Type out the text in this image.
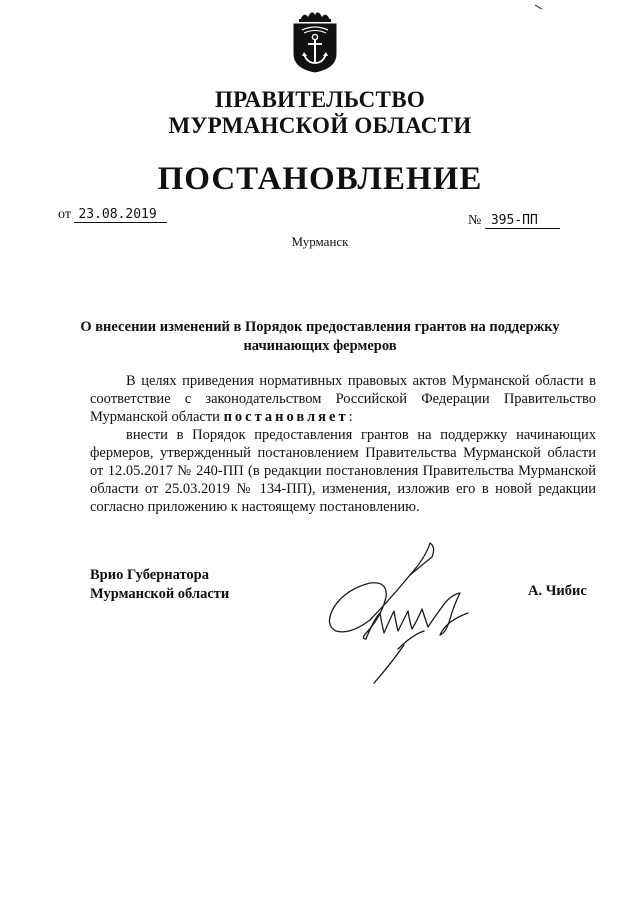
ПРАВИТЕЛЬСТВО
МУРМАНСКОЙ ОБЛАСТИ
ПОСТАНОВЛЕНИЕ
от 23.08.2019	№ 395-ПП
Мурманск
О внесении изменений в Порядок предоставления грантов на поддержку начинающих фермеров

В целях приведения нормативных правовых актов Мурманской области в соответствие с законодательством Российской Федерации Правительство Мурманской области постановляет:

внести в Порядок предоставления грантов на поддержку начинающих фермеров, утвержденный постановлением Правительства Мурманской области от 12.05.2017 № 240-ПП (в редакции постановления Правительства Мурманской области от 25.03.2019 № 134-ПП), изменения, изложив его в новой редакции согласно приложению к настоящему постановлению.

Врио Губернатора
Мурманской области	А. Чибис
